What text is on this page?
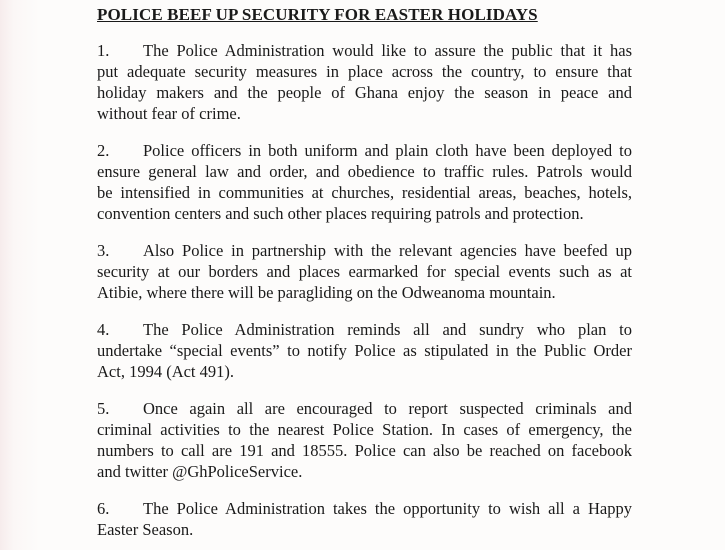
POLICE BEEF UP SECURITY FOR EASTER HOLIDAYS
1. The Police Administration would like to assure the public that it has
put adequate security measures in place across the country, to ensure that
holiday makers and the people of Ghana enjoy the season in peace and
without fear of crime.
2. Police officers in both uniform and plain cloth have been deployed to
ensure general law and order, and obedience to traffic rules. Patrols would
be intensified in communities at churches, residential areas, beaches, hotels,
convention centers and such other places requiring patrols and protection.
3. Also Police in partnership with the relevant agencies have beefed up
security at our borders and places earmarked for special events such as at
Atibie, where there will be paragliding on the Odweanoma mountain.
4. The Police Administration reminds all and sundry who plan to
undertake “special events” to notify Police as stipulated in the Public Order
Act, 1994 (Act 491).
5. Once again all are encouraged to report suspected criminals and
criminal activities to the nearest Police Station. In cases of emergency, the
numbers to call are 191 and 18555. Police can also be reached on facebook
and twitter @GhPoliceService.
6. The Police Administration takes the opportunity to wish all a Happy
Easter Season.
